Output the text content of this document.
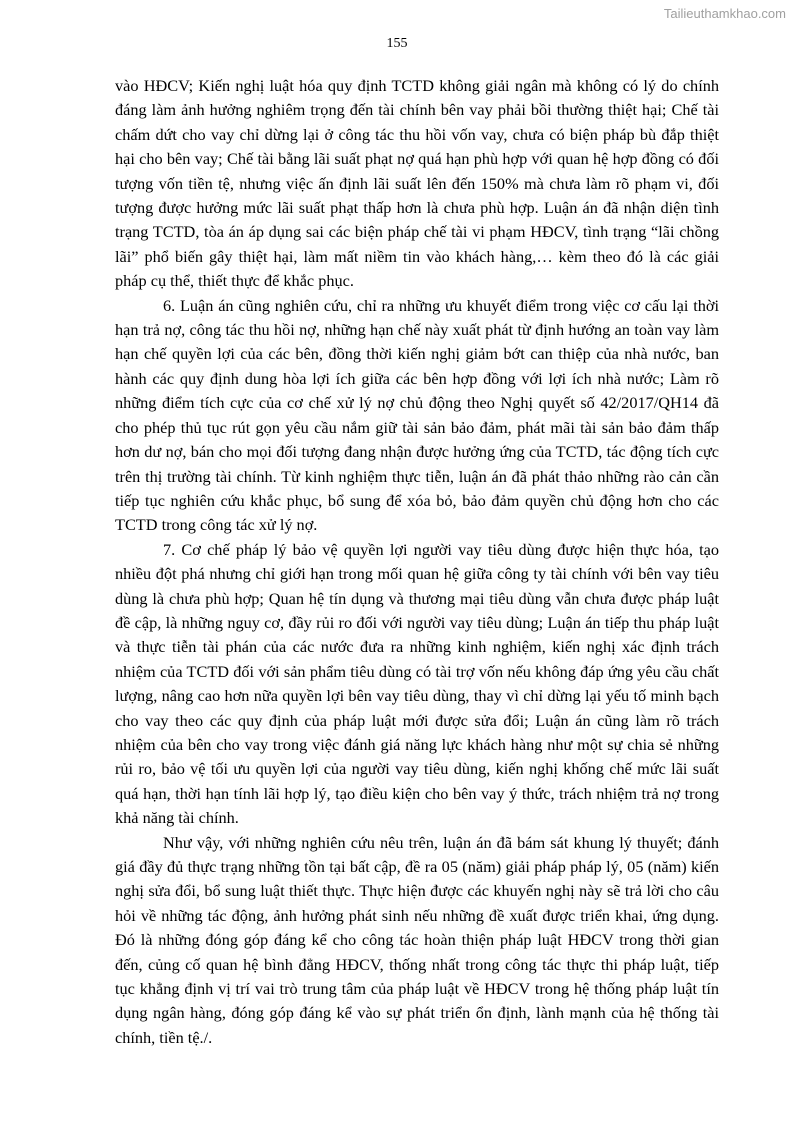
Tailieuthamkhao.com
155

vào HĐCV; Kiến nghị luật hóa quy định TCTD không giải ngân mà không có lý do chính đáng làm ảnh hưởng nghiêm trọng đến tài chính bên vay phải bồi thường thiệt hại; Chế tài chấm dứt cho vay chỉ dừng lại ở công tác thu hồi vốn vay, chưa có biện pháp bù đắp thiệt hại cho bên vay; Chế tài bằng lãi suất phạt nợ quá hạn phù hợp với quan hệ hợp đồng có đối tượng vốn tiền tệ, nhưng việc ấn định lãi suất lên đến 150% mà chưa làm rõ phạm vi, đối tượng được hưởng mức lãi suất phạt thấp hơn là chưa phù hợp. Luận án đã nhận diện tình trạng TCTD, tòa án áp dụng sai các biện pháp chế tài vi phạm HĐCV, tình trạng “lãi chồng lãi” phổ biến gây thiệt hại, làm mất niềm tin vào khách hàng,… kèm theo đó là các giải pháp cụ thể, thiết thực để khắc phục.

6. Luận án cũng nghiên cứu, chỉ ra những ưu khuyết điểm trong việc cơ cấu lại thời hạn trả nợ, công tác thu hồi nợ, những hạn chế này xuất phát từ định hướng an toàn vay làm hạn chế quyền lợi của các bên, đồng thời kiến nghị giảm bớt can thiệp của nhà nước, ban hành các quy định dung hòa lợi ích giữa các bên hợp đồng với lợi ích nhà nước; Làm rõ những điểm tích cực của cơ chế xử lý nợ chủ động theo Nghị quyết số 42/2017/QH14 đã cho phép thủ tục rút gọn yêu cầu nắm giữ tài sản bảo đảm, phát mãi tài sản bảo đảm thấp hơn dư nợ, bán cho mọi đối tượng đang nhận được hưởng ứng của TCTD, tác động tích cực trên thị trường tài chính. Từ kinh nghiệm thực tiễn, luận án đã phát thảo những rào cản cần tiếp tục nghiên cứu khắc phục, bổ sung để xóa bỏ, bảo đảm quyền chủ động hơn cho các TCTD trong công tác xử lý nợ.

7. Cơ chế pháp lý bảo vệ quyền lợi người vay tiêu dùng được hiện thực hóa, tạo nhiều đột phá nhưng chỉ giới hạn trong mối quan hệ giữa công ty tài chính với bên vay tiêu dùng là chưa phù hợp; Quan hệ tín dụng và thương mại tiêu dùng vẫn chưa được pháp luật đề cập, là những nguy cơ, đầy rủi ro đối với người vay tiêu dùng; Luận án tiếp thu pháp luật và thực tiễn tài phán của các nước đưa ra những kinh nghiệm, kiến nghị xác định trách nhiệm của TCTD đối với sản phẩm tiêu dùng có tài trợ vốn nếu không đáp ứng yêu cầu chất lượng, nâng cao hơn nữa quyền lợi bên vay tiêu dùng, thay vì chỉ dừng lại yếu tố minh bạch cho vay theo các quy định của pháp luật mới được sửa đổi; Luận án cũng làm rõ trách nhiệm của bên cho vay trong việc đánh giá năng lực khách hàng như một sự chia sẻ những rủi ro, bảo vệ tối ưu quyền lợi của người vay tiêu dùng, kiến nghị khống chế mức lãi suất quá hạn, thời hạn tính lãi hợp lý, tạo điều kiện cho bên vay ý thức, trách nhiệm trả nợ trong khả năng tài chính.

Như vậy, với những nghiên cứu nêu trên, luận án đã bám sát khung lý thuyết; đánh giá đầy đủ thực trạng những tồn tại bất cập, đề ra 05 (năm) giải pháp pháp lý, 05 (năm) kiến nghị sửa đổi, bổ sung luật thiết thực. Thực hiện được các khuyến nghị này sẽ trả lời cho câu hỏi về những tác động, ảnh hưởng phát sinh nếu những đề xuất được triển khai, ứng dụng. Đó là những đóng góp đáng kể cho công tác hoàn thiện pháp luật HĐCV trong thời gian đến, củng cố quan hệ bình đẳng HĐCV, thống nhất trong công tác thực thi pháp luật, tiếp tục khẳng định vị trí vai trò trung tâm của pháp luật về HĐCV trong hệ thống pháp luật tín dụng ngân hàng, đóng góp đáng kể vào sự phát triển ổn định, lành mạnh của hệ thống tài chính, tiền tệ./.
